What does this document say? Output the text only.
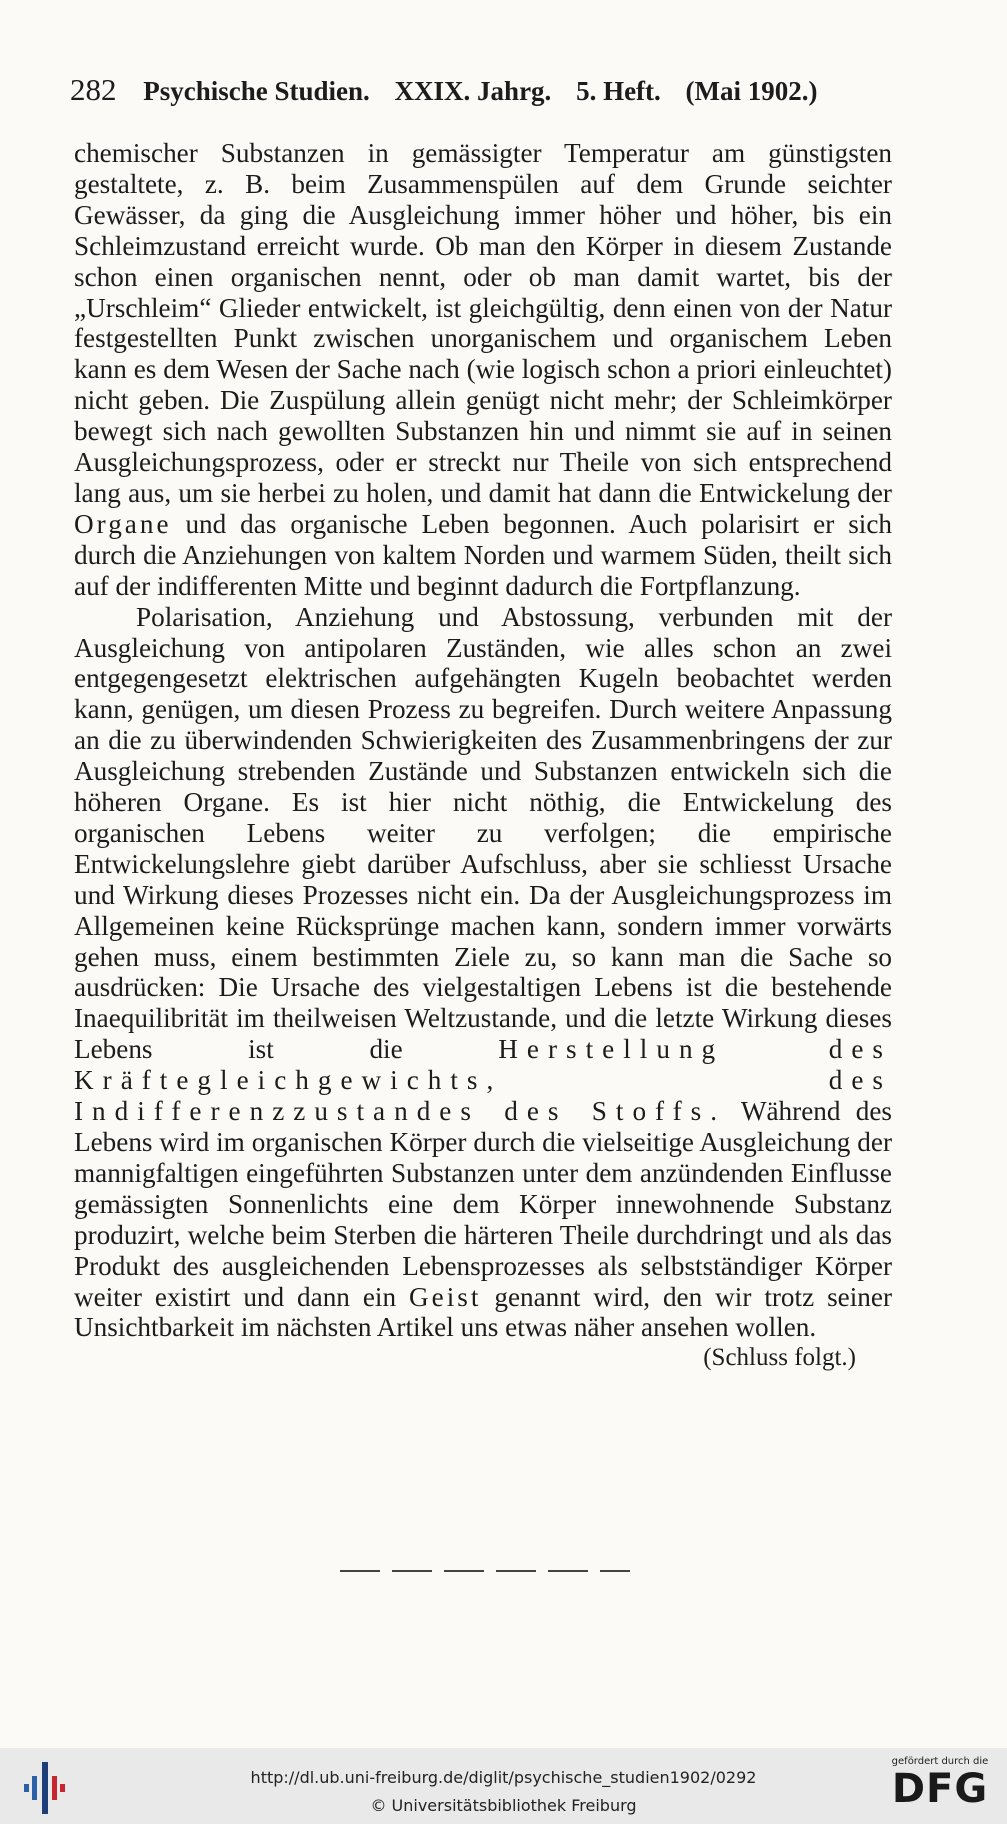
282 Psychische Studien. XXIX. Jahrg. 5. Heft. (Mai 1902.)

chemischer Substanzen in gemässigter Temperatur am günstigsten gestaltete, z. B. beim Zusammenspülen auf dem Grunde seichter Gewässer, da ging die Ausgleichung immer höher und höher, bis ein Schleimzustand erreicht wurde. Ob man den Körper in diesem Zustande schon einen organischen nennt, oder ob man damit wartet, bis der „Urschleim“ Glieder entwickelt, ist gleichgültig, denn einen von der Natur festgestellten Punkt zwischen unorganischem und organischem Leben kann es dem Wesen der Sache nach (wie logisch schon a priori einleuchtet) nicht geben. Die Zuspülung allein genügt nicht mehr; der Schleimkörper bewegt sich nach gewollten Substanzen hin und nimmt sie auf in seinen Ausgleichungsprozess, oder er streckt nur Theile von sich entsprechend lang aus, um sie herbei zu holen, und damit hat dann die Entwickelung der Organe und das organische Leben begonnen. Auch polarisirt er sich durch die Anziehungen von kaltem Norden und warmem Süden, theilt sich auf der indifferenten Mitte und beginnt dadurch die Fortpflanzung.

Polarisation, Anziehung und Abstossung, verbunden mit der Ausgleichung von antipolaren Zuständen, wie alles schon an zwei entgegengesetzt elektrischen aufgehängten Kugeln beobachtet werden kann, genügen, um diesen Prozess zu begreifen. Durch weitere Anpassung an die zu überwindenden Schwierigkeiten des Zusammenbringens der zur Ausgleichung strebenden Zustände und Substanzen entwickeln sich die höheren Organe. Es ist hier nicht nöthig, die Entwickelung des organischen Lebens weiter zu verfolgen; die empirische Entwickelungslehre giebt darüber Aufschluss, aber sie schliesst Ursache und Wirkung dieses Prozesses nicht ein. Da der Ausgleichungsprozess im Allgemeinen keine Rücksprünge machen kann, sondern immer vorwärts gehen muss, einem bestimmten Ziele zu, so kann man die Sache so ausdrücken: Die Ursache des vielgestaltigen Lebens ist die bestehende Inaequilibrität im theilweisen Weltzustande, und die letzte Wirkung dieses Lebens ist die	Herstellung des Kräftegleichgewichts, des Indifferenzzustandes des Stoffs. Während des Lebens wird im organischen Körper durch die vielseitige Ausgleichung der mannigfaltigen eingeführten Substanzen unter dem anzündenden Einflusse gemässigten Sonnenlichts eine dem Körper innewohnende Substanz produzirt, welche beim Sterben die härteren Theile durchdringt und als das Produkt des ausgleichenden Lebensprozesses als selbstständiger Körper weiter existirt und dann ein Geist genannt wird, den wir trotz seiner Unsichtbarkeit im nächsten Artikel uns etwas näher ansehen wollen.

(Schluss folgt.)
http://dl.ub.uni-freiburg.de/diglit/psychische_studien1902/0292
© Universitätsbibliothek Freiburg
gefördert durch die
DFG
